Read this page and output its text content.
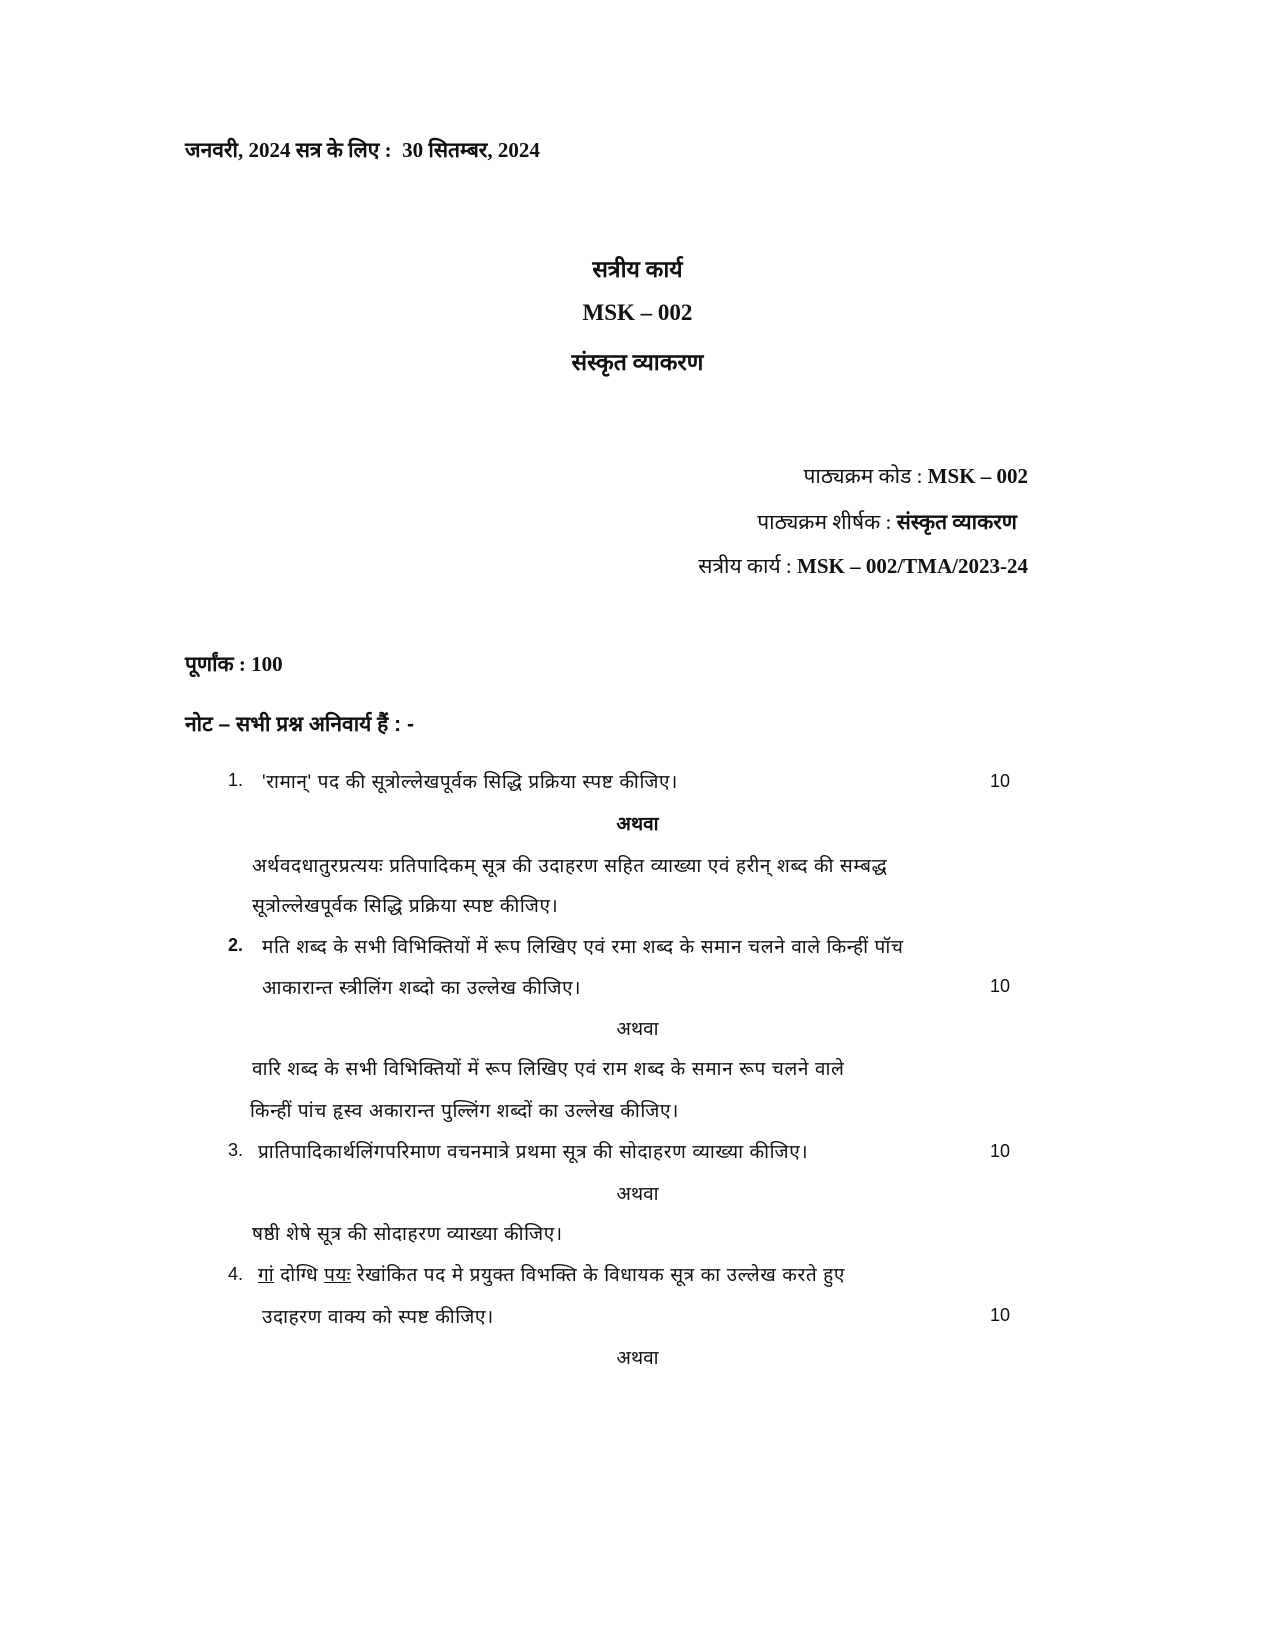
जनवरी, 2024 सत्र के लिए : 30 सितम्बर, 2024
सत्रीय कार्य
MSK – 002
संस्कृत व्याकरण
पाठ्यक्रम कोड : MSK – 002
पाठ्यक्रम शीर्षक : संस्कृत व्याकरण
सत्रीय कार्य : MSK – 002/TMA/2023-24
पूर्णांक : 100
नोट – सभी प्रश्न अनिवार्य हैं : -
1. 'रामान्' पद की सूत्रोल्लेखपूर्वक सिद्धि प्रक्रिया स्पष्ट कीजिए।	10
अथवा
अर्थवदधातुरप्रत्ययः प्रतिपादिकम् सूत्र की उदाहरण सहित व्याख्या एवं हरीन् शब्द की सम्बद्ध
सूत्रोल्लेखपूर्वक सिद्धि प्रक्रिया स्पष्ट कीजिए।
2. मति शब्द के सभी विभिक्तियों में रूप लिखिए एवं रमा शब्द के समान चलने वाले किन्हीं पॉच
आकारान्त स्त्रीलिंग शब्दो का उल्लेख कीजिए।	10
अथवा
वारि शब्द के सभी विभिक्तियों में रूप लिखिए एवं राम शब्द के समान रूप चलने वाले
किन्हीं पांच हृस्व अकारान्त पुल्लिंग शब्दों का उल्लेख कीजिए।
3. प्रातिपादिकार्थलिंगपरिमाण वचनमात्रे प्रथमा सूत्र की सोदाहरण व्याख्या कीजिए।	10
अथवा
षष्ठी शेषे सूत्र की सोदाहरण व्याख्या कीजिए।
4. गां दोग्धि पयः रेखांकित पद मे प्रयुक्त विभक्ति के विधायक सूत्र का उल्लेख करते हुए
उदाहरण वाक्य को स्पष्ट कीजिए।	10
अथवा
